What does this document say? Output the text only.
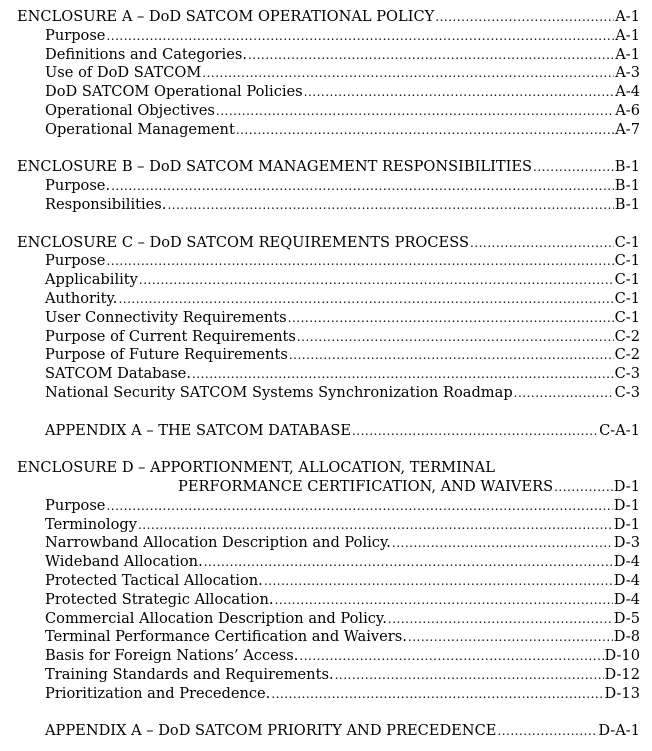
ENCLOSURE A – DoD SATCOM OPERATIONAL POLICY .....	A-1
Purpose .....	A-1
Definitions and Categories. .....	A-1
Use of DoD SATCOM .....	A-3
DoD SATCOM Operational Policies .....	A-4
Operational Objectives .....	A-6
Operational Management .....	A-7
ENCLOSURE B – DoD SATCOM MANAGEMENT RESPONSIBILITIES .....	B-1
Purpose. .....	B-1
Responsibilities. .....	B-1
ENCLOSURE C – DoD SATCOM REQUIREMENTS PROCESS .....	C-1
Purpose .....	C-1
Applicability .....	C-1
Authority. .....	C-1
User Connectivity Requirements .....	C-1
Purpose of Current Requirements .....	C-2
Purpose of Future Requirements .....	C-2
SATCOM Database. .....	C-3
National Security SATCOM Systems Synchronization Roadmap .....	C-3
APPENDIX A – THE SATCOM DATABASE .....	C-A-1
ENCLOSURE D – APPORTIONMENT, ALLOCATION, TERMINAL
PERFORMANCE CERTIFICATION, AND WAIVERS .....	D-1
Purpose .....	D-1
Terminology .....	D-1
Narrowband Allocation Description and Policy. .....	D-3
Wideband Allocation. .....	D-4
Protected Tactical Allocation. .....	D-4
Protected Strategic Allocation. .....	D-4
Commercial Allocation Description and Policy. .....	D-5
Terminal Performance Certification and Waivers. .....	D-8
Basis for Foreign Nations’ Access. .....	D-10
Training Standards and Requirements. .....	D-12
Prioritization and Precedence. .....	D-13
APPENDIX A – DoD SATCOM PRIORITY AND PRECEDENCE .....	D-A-1
